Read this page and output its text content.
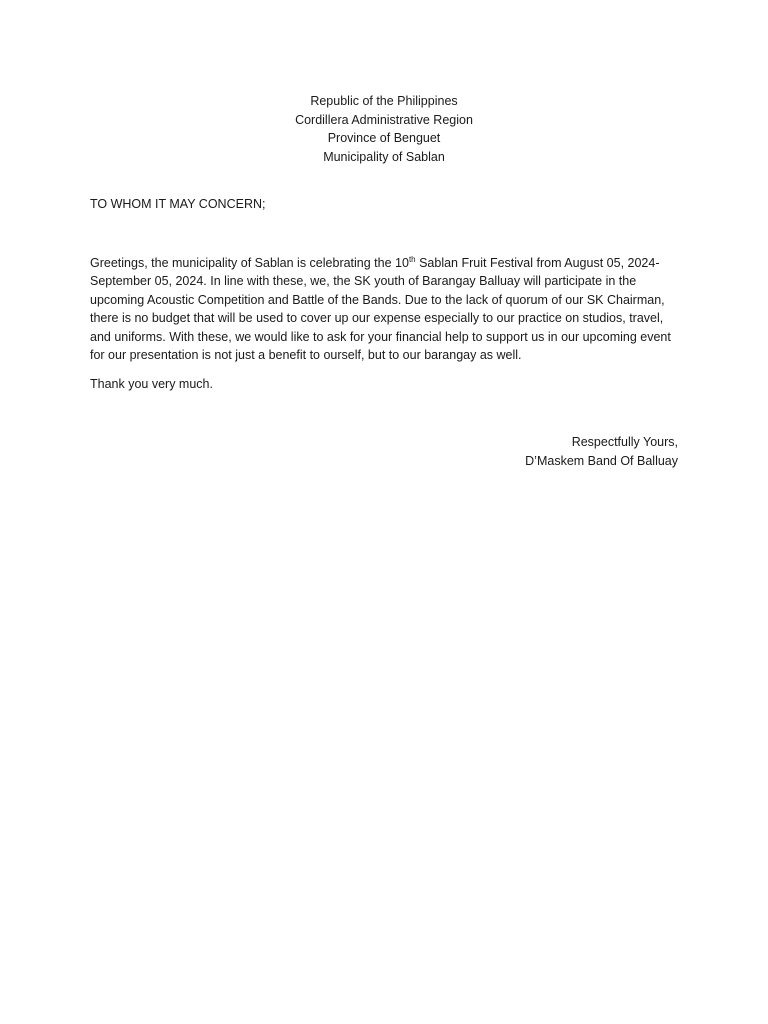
Republic of the Philippines
Cordillera Administrative Region
Province of Benguet
Municipality of Sablan
TO WHOM IT MAY CONCERN;
Greetings, the municipality of Sablan is celebrating the 10th Sablan Fruit Festival from August 05, 2024-September 05, 2024. In line with these, we, the SK youth of Barangay Balluay will participate in the upcoming Acoustic Competition and Battle of the Bands. Due to the lack of quorum of our SK Chairman, there is no budget that will be used to cover up our expense especially to our practice on studios, travel, and uniforms. With these, we would like to ask for your financial help to support us in our upcoming event for our presentation is not just a benefit to ourself, but to our barangay as well.
Thank you very much.
Respectfully Yours,
D’Maskem Band Of Balluay
